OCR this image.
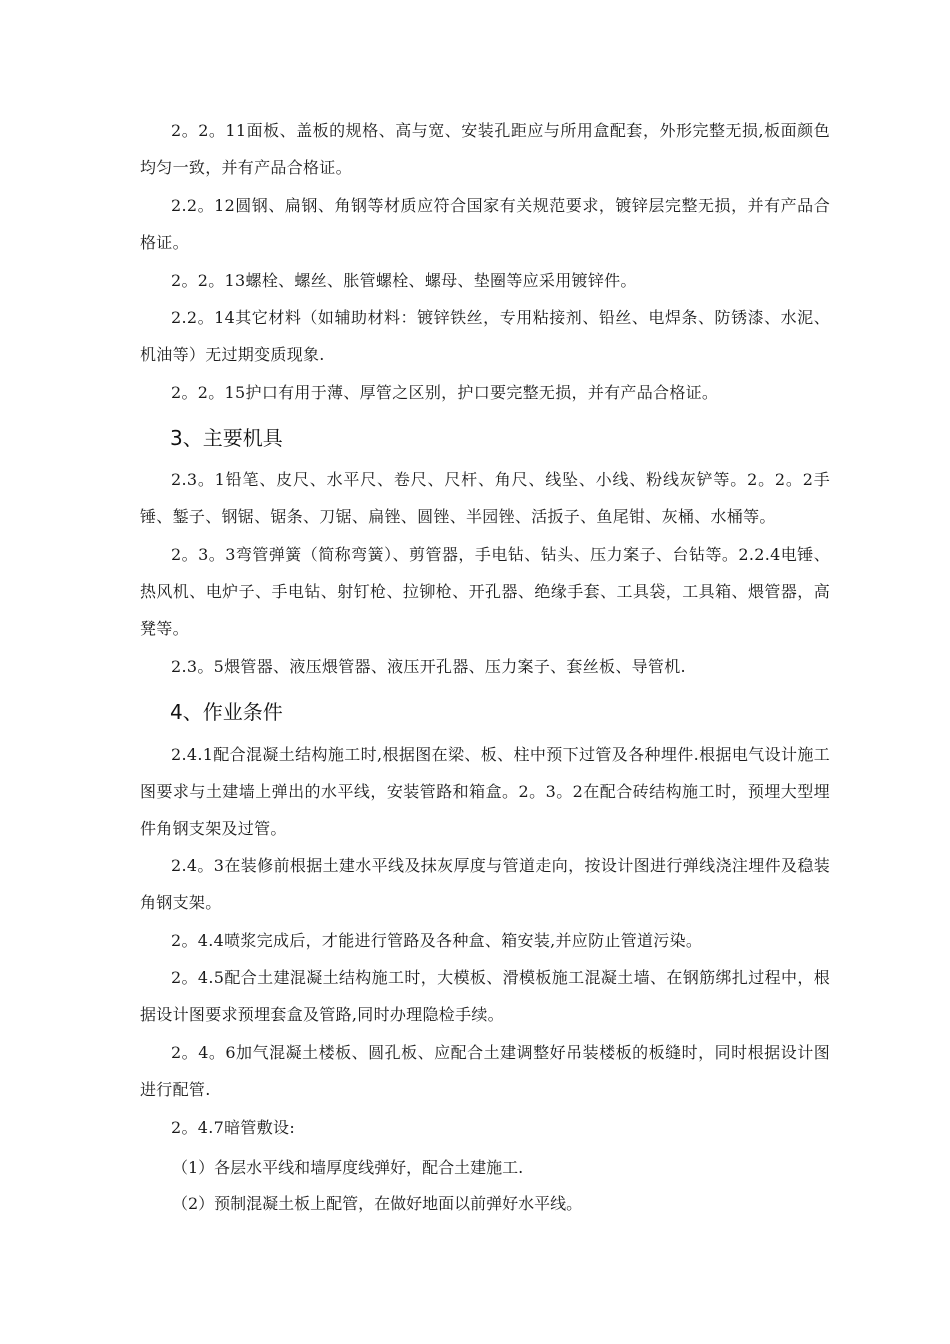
2。2。11面板、盖板的规格、高与宽、安装孔距应与所用盒配套，外形完整无损,板面颜色均匀一致，并有产品合格证。
2.2。12圆钢、扁钢、角钢等材质应符合国家有关规范要求，镀锌层完整无损，并有产品合格证。
2。2。13螺栓、螺丝、胀管螺栓、螺母、垫圈等应采用镀锌件。
2.2。14其它材料（如辅助材料：镀锌铁丝，专用粘接剂、铅丝、电焊条、防锈漆、水泥、机油等）无过期变质现象.
2。2。15护口有用于薄、厚管之区别，护口要完整无损，并有产品合格证。
3、主要机具
2.3。1铅笔、皮尺、水平尺、卷尺、尺杆、角尺、线坠、小线、粉线灰铲等。2。2。2手锤、錾子、钢锯、锯条、刀锯、扁锉、圆锉、半园锉、活扳子、鱼尾钳、灰桶、水桶等。
2。3。3弯管弹簧（简称弯簧）、剪管器，手电钻、钻头、压力案子、台钻等。2.2.4电锤、热风机、电炉子、手电钻、射钉枪、拉铆枪、开孔器、绝缘手套、工具袋，工具箱、煨管器，高凳等。
2.3。5煨管器、液压煨管器、液压开孔器、压力案子、套丝板、导管机.
4、作业条件
2.4.1配合混凝土结构施工时,根据图在梁、板、柱中预下过管及各种埋件.根据电气设计施工图要求与土建墙上弹出的水平线，安装管路和箱盒。2。3。2在配合砖结构施工时，预埋大型埋件角钢支架及过管。
2.4。3在装修前根据土建水平线及抹灰厚度与管道走向，按设计图进行弹线浇注埋件及稳装角钢支架。
2。4.4喷浆完成后，才能进行管路及各种盒、箱安装,并应防止管道污染。
2。4.5配合土建混凝土结构施工时，大模板、滑模板施工混凝土墙、在钢筋绑扎过程中，根据设计图要求预埋套盒及管路,同时办理隐检手续。
2。4。6加气混凝土楼板、圆孔板、应配合土建调整好吊装楼板的板缝时，同时根据设计图进行配管.
2。4.7暗管敷设:
（1）各层水平线和墙厚度线弹好，配合土建施工.
（2）预制混凝土板上配管，在做好地面以前弹好水平线。
